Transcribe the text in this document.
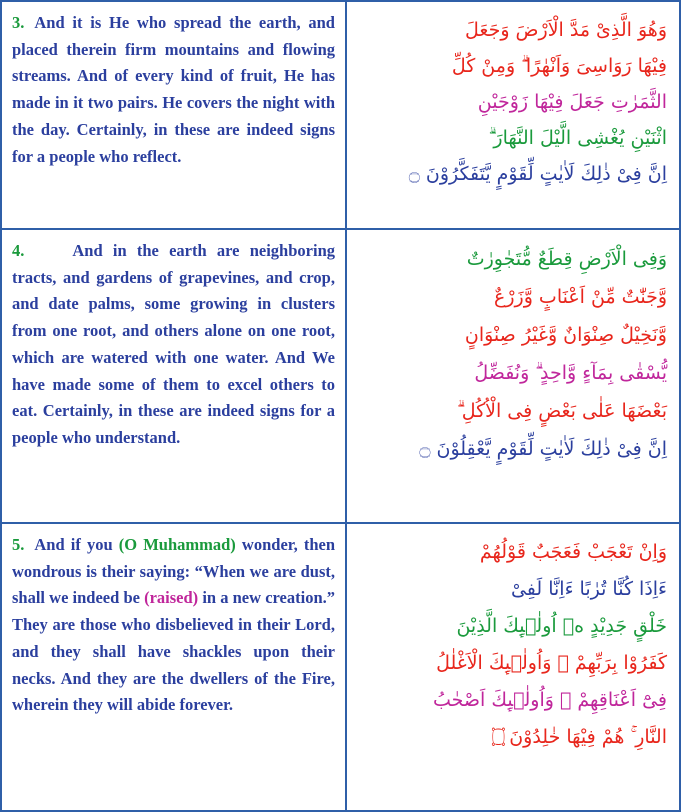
3. And it is He who spread the earth, and placed therein firm mountains and flowing streams. And of every kind of fruit, He has made in it two pairs. He covers the night with the day. Certainly, in these are indeed signs for a people who reflect.

وَهُوَ الَّذِىْ مَدَّ الْاَرْضَ وَجَعَلَ

فِيْهَا رَوَاسِىَ وَاَنْهٰرًا ۗ وَمِنْ كُلِّ

الثَّمَرٰتِ جَعَلَ فِيْهَا زَوْجَيْنِ

اثْنَيْنِ يُغْشِى الَّيْلَ النَّهَارَ ۗ

اِنَّ فِىْ ذٰلِكَ لَاٰيٰتٍ لِّقَوْمٍ يَّتَفَكَّرُوْنَ ۝

4.	And in the earth are neighboring tracts, and gardens of grapevines, and crop, and date palms, some growing in clusters from one root, and others alone on one root, which are watered with one water. And We have made some of them to excel others to eat. Certainly, in these are indeed signs for a people who understand.

وَفِى الْاَرْضِ قِطَعٌ مُّتَجٰوِرٰتٌ

وَّجَنّٰتٌ مِّنْ اَعْنَابٍ وَّزَرْعٌ

وَّنَخِيْلٌ صِنْوَانٌ وَّغَيْرُ صِنْوَانٍ

يُّسْقٰى بِمَآءٍ وَّاحِدٍ ۗ وَنُفَضِّلُ

بَعْضَهَا عَلٰى بَعْضٍ فِى الْاُكُلِ ۗ

اِنَّ فِىْ ذٰلِكَ لَاٰيٰتٍ لِّقَوْمٍ يَّعْقِلُوْنَ ۝

5. And if you (O Muhammad) wonder, then wondrous is their saying: “When we are dust, shall we indeed be (raised) in a new creation.” They are those who disbelieved in their Lord, and they shall have shackles upon their necks. And they are the dwellers of the Fire, wherein they will abide forever.

وَاِنْ تَعْجَبْ فَعَجَبٌ قَوْلُهُمْ

ءَاِذَا كُنَّا تُرٰبًا ءَاِنَّا لَفِىْ

خَلْقٍ جَدِيْدٍ ەۗ اُولٰۤىِٕكَ الَّذِيْنَ

كَفَرُوْا بِرَبِّهِمْ ۚ وَاُولٰۤىِٕكَ الْاَغْلٰلُ

فِىْٓ اَعْنَاقِهِمْ ۚ وَاُولٰۤىِٕكَ اَصْحٰبُ

النَّارِ ۚ هُمْ فِيْهَا خٰلِدُوْنَ ۝
